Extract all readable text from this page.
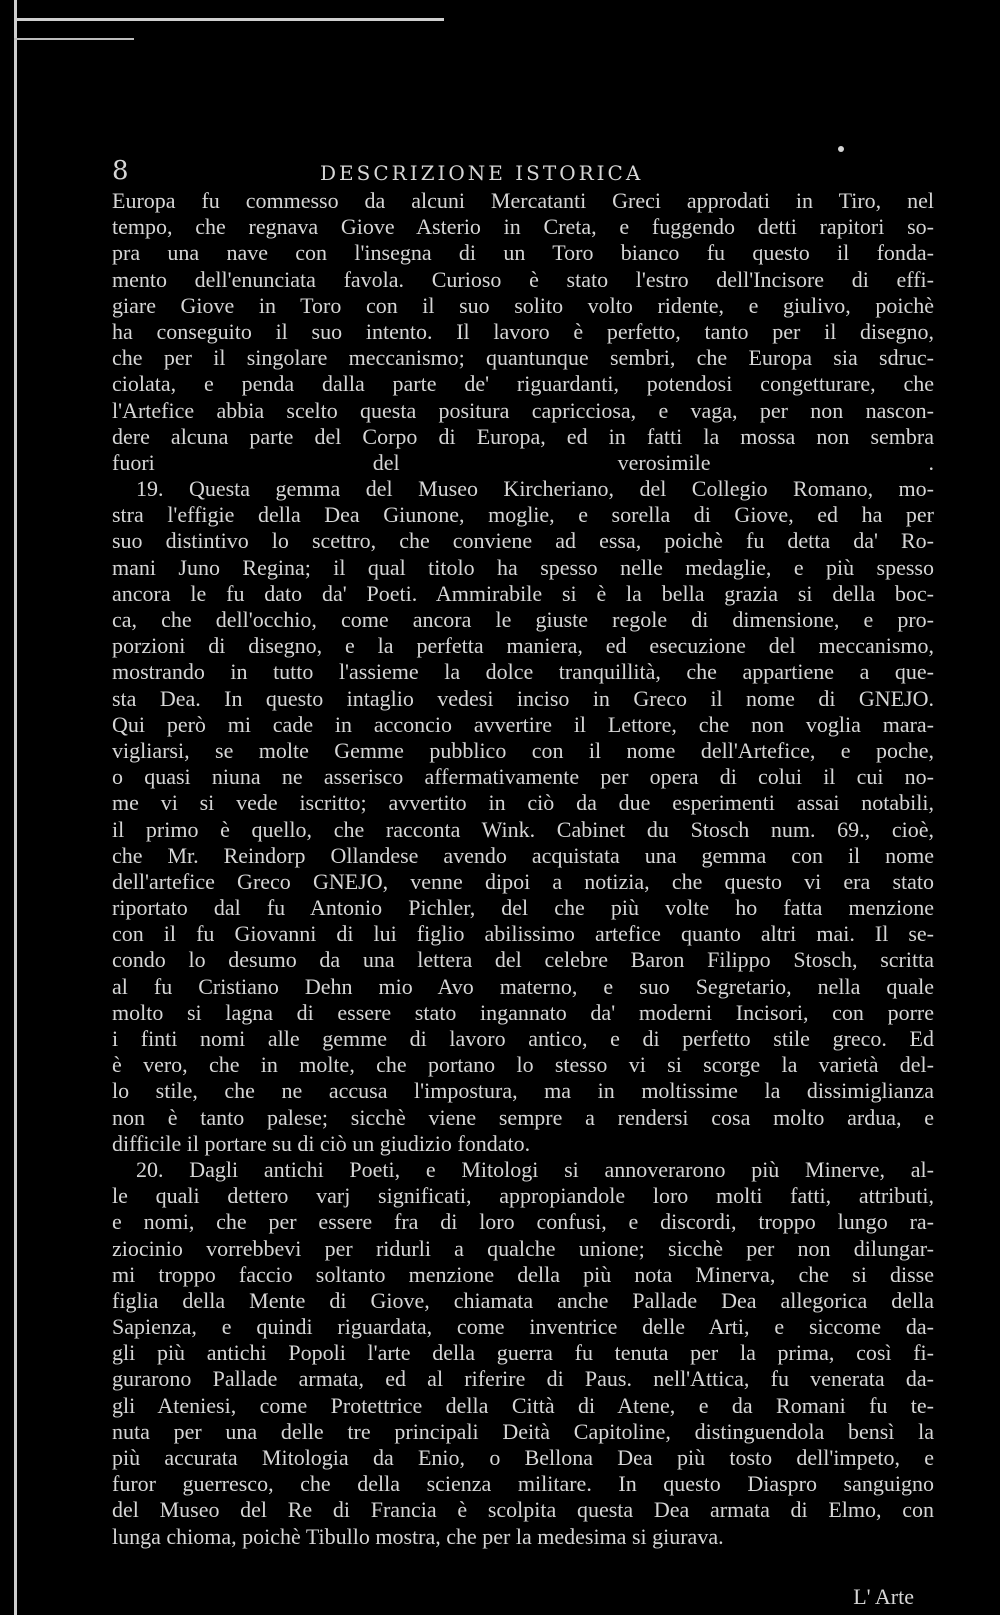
8	DESCRIZIONE ISTORICA
Europa fu commesso da alcuni Mercatanti Greci approdati in Tiro, nel
tempo, che regnava Giove Asterio in Creta, e fuggendo detti rapitori so-
pra una nave con l'insegna di un Toro bianco fu questo il fonda-
mento dell'enunciata favola. Curioso è stato l'estro dell'Incisore di effi-
giare Giove in Toro con il suo solito volto ridente, e giulivo, poichè
ha conseguito il suo intento. Il lavoro è perfetto, tanto per il disegno,
che per il singolare meccanismo; quantunque sembri, che Europa sia sdruc-
ciolata, e penda dalla parte de' riguardanti, potendosi congetturare, che
l'Artefice abbia scelto questa positura capricciosa, e vaga, per non nascon-
dere alcuna parte del Corpo di Europa, ed in fatti la mossa non sembra
fuori del verosimile .
19. Questa gemma del Museo Kircheriano, del Collegio Romano, mo-
stra l'effigie della Dea Giunone, moglie, e sorella di Giove, ed ha per
suo distintivo lo scettro, che conviene ad essa, poichè fu detta da' Ro-
mani Juno Regina; il qual titolo ha spesso nelle medaglie, e più spesso
ancora le fu dato da' Poeti. Ammirabile si è la bella grazia si della boc-
ca, che dell'occhio, come ancora le giuste regole di dimensione, e pro-
porzioni di disegno, e la perfetta maniera, ed esecuzione del meccanismo,
mostrando in tutto l'assieme la dolce tranquillità, che appartiene a que-
sta Dea. In questo intaglio vedesi inciso in Greco il nome di GNEJO.
Qui però mi cade in acconcio avvertire il Lettore, che non voglia mara-
vigliarsi, se molte Gemme pubblico con il nome dell'Artefice, e poche,
o quasi niuna ne asserisco affermativamente per opera di colui il cui no-
me vi si vede iscritto; avvertito in ciò da due esperimenti assai notabili,
il primo è quello, che racconta Wink. Cabinet du Stosch num. 69., cioè,
che Mr. Reindorp Ollandese avendo acquistata una gemma con il nome
dell'artefice Greco GNEJO, venne dipoi a notizia, che questo vi era stato
riportato dal fu Antonio Pichler, del che più volte ho fatta menzione
con il fu Giovanni di lui figlio abilissimo artefice quanto altri mai. Il se-
condo lo desumo da una lettera del celebre Baron Filippo Stosch, scritta
al fu Cristiano Dehn mio Avo materno, e suo Segretario, nella quale
molto si lagna di essere stato ingannato da' moderni Incisori, con porre
i finti nomi alle gemme di lavoro antico, e di perfetto stile greco. Ed
è vero, che in molte, che portano lo stesso vi si scorge la varietà del-
lo stile, che ne accusa l'impostura, ma in moltissime la dissimiglianza
non è tanto palese; sicchè viene sempre a rendersi cosa molto ardua, e
difficile il portare su di ciò un giudizio fondato.
20. Dagli antichi Poeti, e Mitologi si annoverarono più Minerve, al-
le quali dettero varj significati, appropiandole loro molti fatti, attributi,
e nomi, che per essere fra di loro confusi, e discordi, troppo lungo ra-
ziocinio vorrebbevi per ridurli a qualche unione; sicchè per non dilungar-
mi troppo faccio soltanto menzione della più nota Minerva, che si disse
figlia della Mente di Giove, chiamata anche Pallade Dea allegorica della
Sapienza, e quindi riguardata, come inventrice delle Arti, e siccome da-
gli più antichi Popoli l'arte della guerra fu tenuta per la prima, così fi-
gurarono Pallade armata, ed al riferire di Paus. nell'Attica, fu venerata da-
gli Ateniesi, come Protettrice della Città di Atene, e da Romani fu te-
nuta per una delle tre principali Deità Capitoline, distinguendola bensì la
più accurata Mitologia da Enio, o Bellona Dea più tosto dell'impeto, e
furor guerresco, che della scienza militare. In questo Diaspro sanguigno
del Museo del Re di Francia è scolpita questa Dea armata di Elmo, con
lunga chioma, poichè Tibullo mostra, che per la medesima si giurava.
L' Arte
